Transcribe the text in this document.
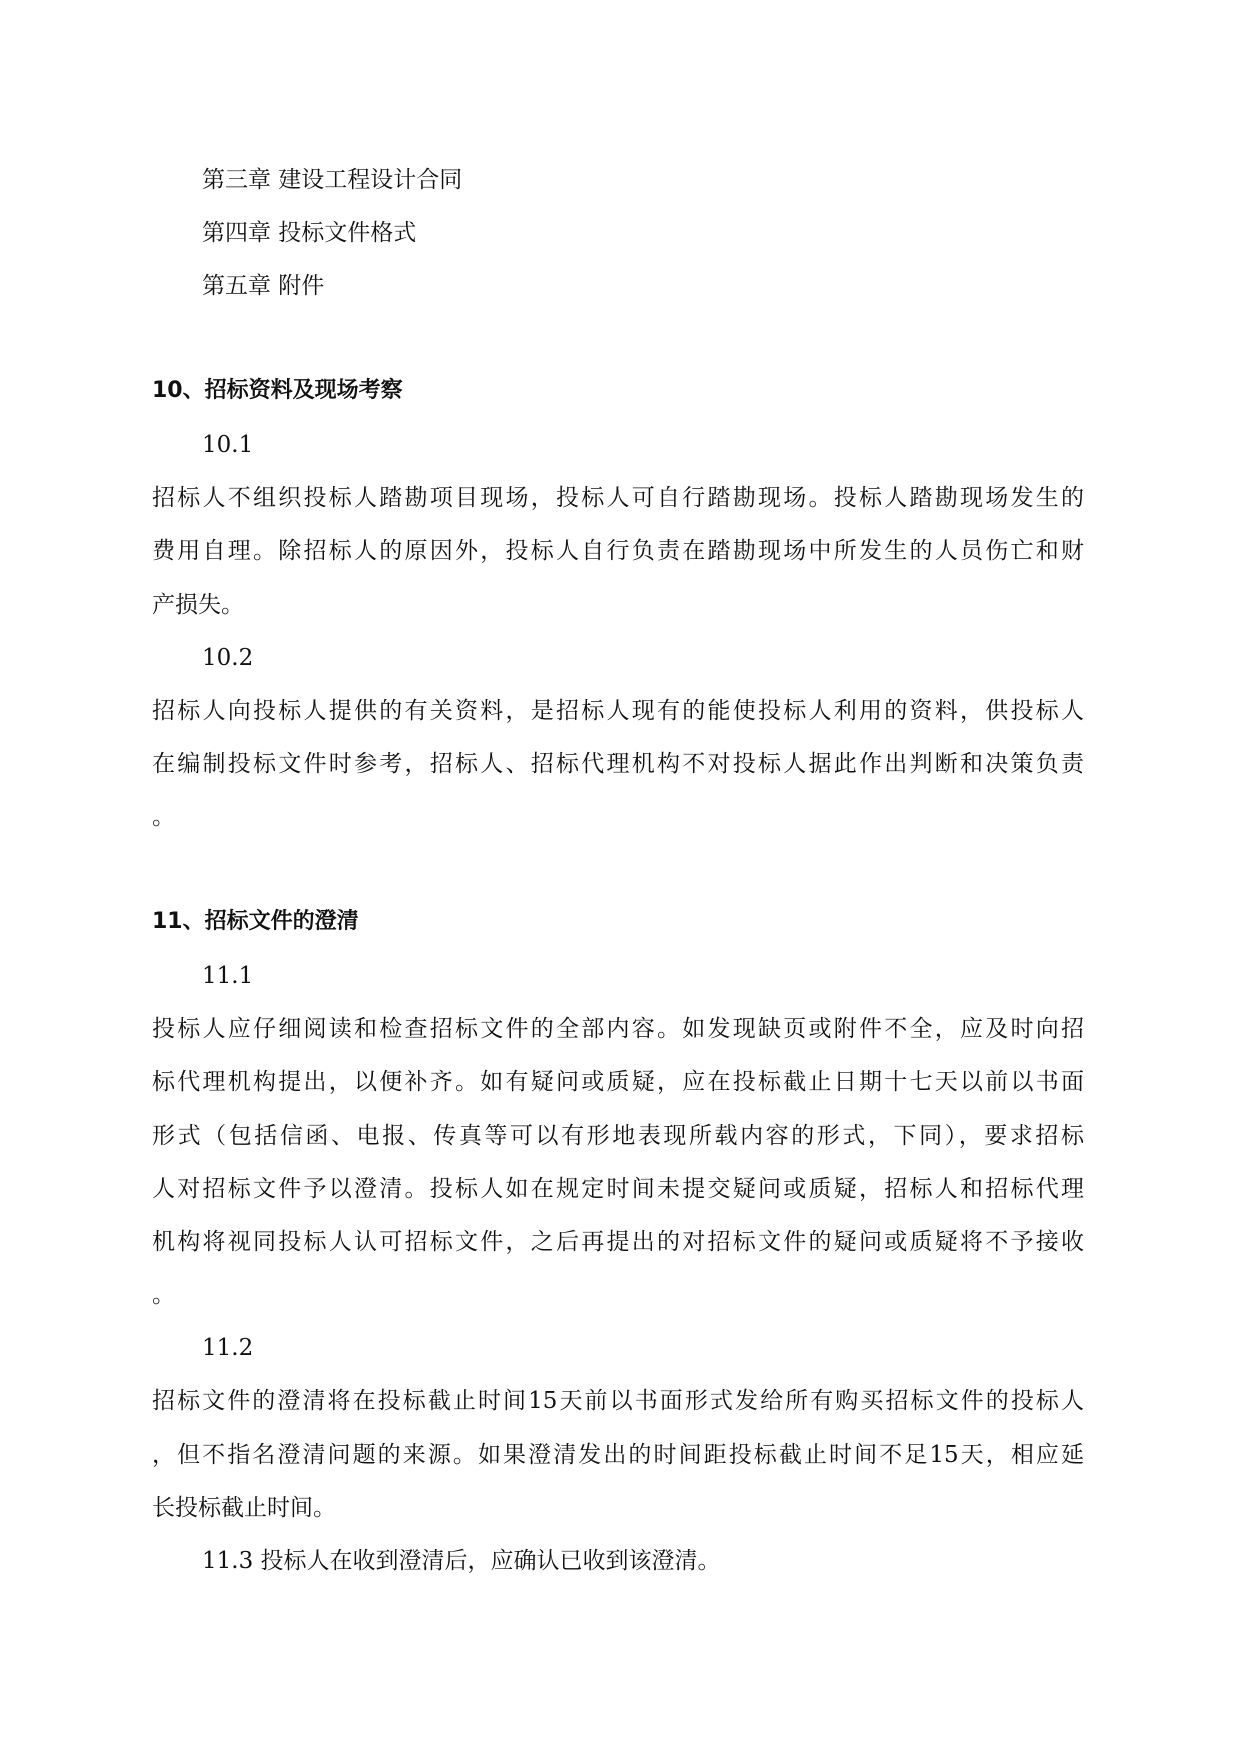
第三章 建设工程设计合同
第四章 投标文件格式
第五章 附件
10、招标资料及现场考察
10.1
招标人不组织投标人踏勘项目现场，投标人可自行踏勘现场。投标人踏勘现场发生的
费用自理。除招标人的原因外，投标人自行负责在踏勘现场中所发生的人员伤亡和财
产损失。
10.2
招标人向投标人提供的有关资料，是招标人现有的能使投标人利用的资料，供投标人
在编制投标文件时参考，招标人、招标代理机构不对投标人据此作出判断和决策负责
。
11、招标文件的澄清
11.1
投标人应仔细阅读和检查招标文件的全部内容。如发现缺页或附件不全，应及时向招
标代理机构提出，以便补齐。如有疑问或质疑，应在投标截止日期十七天以前以书面
形式（包括信函、电报、传真等可以有形地表现所载内容的形式，下同），要求招标
人对招标文件予以澄清。投标人如在规定时间未提交疑问或质疑，招标人和招标代理
机构将视同投标人认可招标文件，之后再提出的对招标文件的疑问或质疑将不予接收
。
11.2
招标文件的澄清将在投标截止时间15天前以书面形式发给所有购买招标文件的投标人
，但不指名澄清问题的来源。如果澄清发出的时间距投标截止时间不足15天，相应延
长投标截止时间。
11.3 投标人在收到澄清后，应确认已收到该澄清。
